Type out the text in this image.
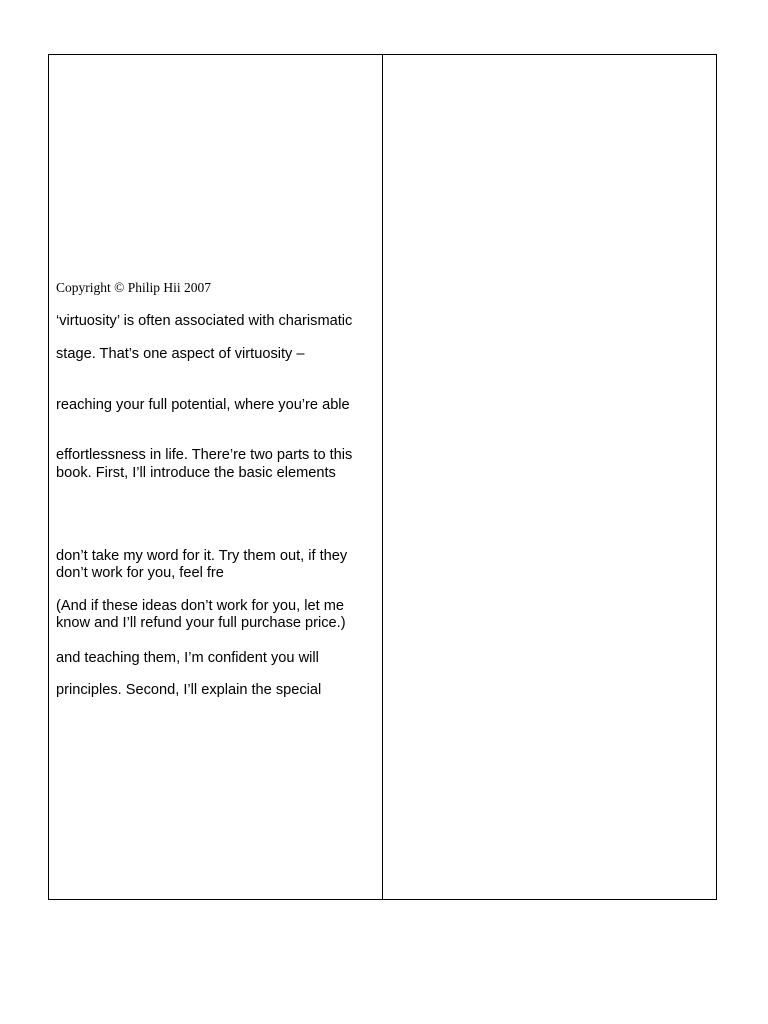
Copyright © Philip Hii 2007
‘virtuosity’ is often associated with charismatic
stage. That’s one aspect of virtuosity –
reaching your full potential, where you’re able
effortlessness in life. There’re two parts to this
book. First, I’ll introduce the basic elements
don’t take my word for it. Try them out, if they
don’t work for you, feel fre
(And if these ideas don’t work for you, let me
know and I’ll refund your full purchase price.)
and teaching them, I’m confident you will
principles. Second, I’ll explain the special
